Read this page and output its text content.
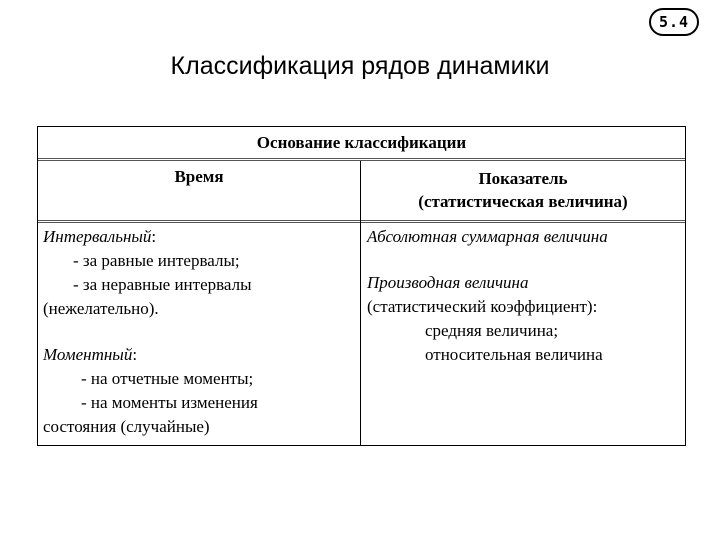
5.4
Классификация рядов динамики
Основание классификации
Время	Показатель
(статистическая величина)
Интервальный:
- за равные интервалы;
- за неравные интервалы
(нежелательно).
Моментный:
- на отчетные моменты;
- на моменты изменения
состояния (случайные)
Абсолютная суммарная величина
Производная величина
(статистический коэффициент):
средняя величина;
относительная величина
